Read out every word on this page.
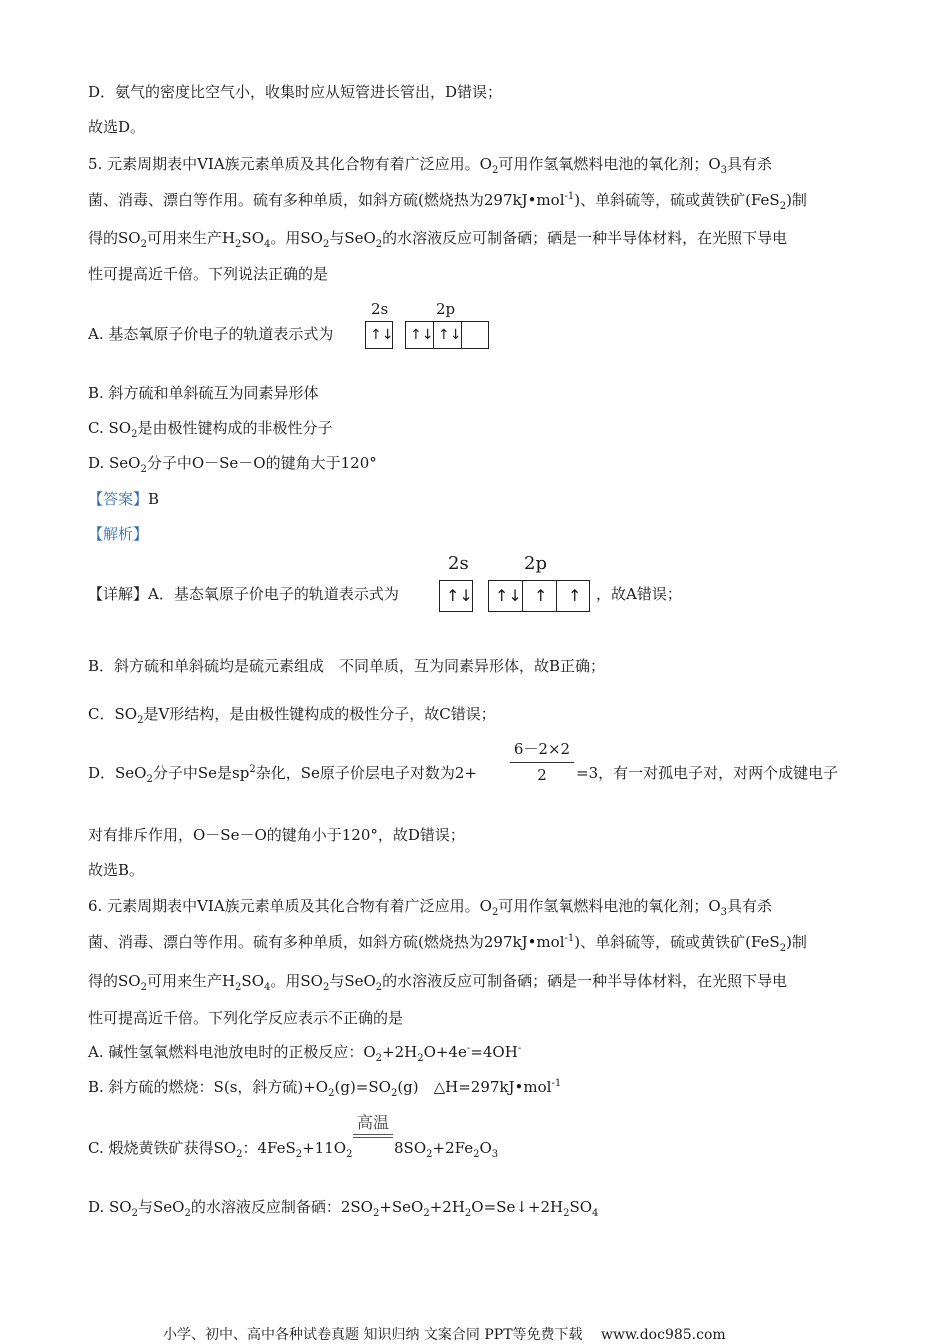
D．氨气的密度比空气小，收集时应从短管进长管出，D错误；
故选D。
5. 元素周期表中VIA族元素单质及其化合物有着广泛应用。$O_2$可用作氢氧燃料电池的氧化剂；$O_3$具有杀
菌、消毒、漂白等作用。硫有多种单质，如斜方硫(燃烧热为297kJ•mol$^{-1}$)、单斜硫等，硫或黄铁矿(FeS$_2$)制
得的$SO_2$可用来生产$H_2SO_4$。用$SO_2$与SeO$_2$的水溶液反应可制备硒；硒是一种半导体材料，在光照下导电
性可提高近千倍。下列说法正确的是
A. 基态氧原子价电子的轨道表示式为
2s	2p
↑↓ ↑↓ ↑↓
B. 斜方硫和单斜硫互为同素异形体
C. $SO_2$是由极性键构成的非极性分子
D. SeO$_2$分子中O－Se－O的键角大于120°
【答案】B
【解析】
【详解】A．基态氧原子价电子的轨道表示式为
2s	2p
↑↓ ↑↓ ↑ ↑ ，故A错误；
B．斜方硫和单斜硫均是硫元素组成　不同单质，互为同素异形体，故B正确；
C．$SO_2$是V形结构，是由极性键构成的极性分子，故C错误；
D．SeO$_2$分子中Se是$sp^2$杂化，Se原子价层电子对数为2+
6－2×2
2	=3，有一对孤电子对，对两个成键电子
对有排斥作用，O－Se－O的键角小于120°，故D错误；
故选B。
6. 元素周期表中VIA族元素单质及其化合物有着广泛应用。$O_2$可用作氢氧燃料电池的氧化剂；$O_3$具有杀
菌、消毒、漂白等作用。硫有多种单质，如斜方硫(燃烧热为297kJ•mol$^{-1}$)、单斜硫等，硫或黄铁矿(FeS$_2$)制
得的$SO_2$可用来生产$H_2SO_4$。用$SO_2$与SeO$_2$的水溶液反应可制备硒；硒是一种半导体材料，在光照下导电
性可提高近千倍。下列化学反应表示不正确的是
A. 碱性氢氧燃料电池放电时的正极反应：$O_2+2H_2O+4e^-=4OH^-$
B. 斜方硫的燃烧：S(s，斜方硫)$+O_2(g)=SO_2(g)$　△H=297kJ•mol$^{-1}$
C. 煅烧黄铁矿获得$SO_2$：$4FeS_2+11O_2$
高温
$8SO_2+2Fe_2O_3$
D. $SO_2$与SeO$_2$的水溶液反应制备硒：$2SO_2+SeO_2+2H_2O=Se↓+2H_2SO_4$
小学、初中、高中各种试卷真题 知识归纳 文案合同 PPT等免费下载　 www.doc985.com
